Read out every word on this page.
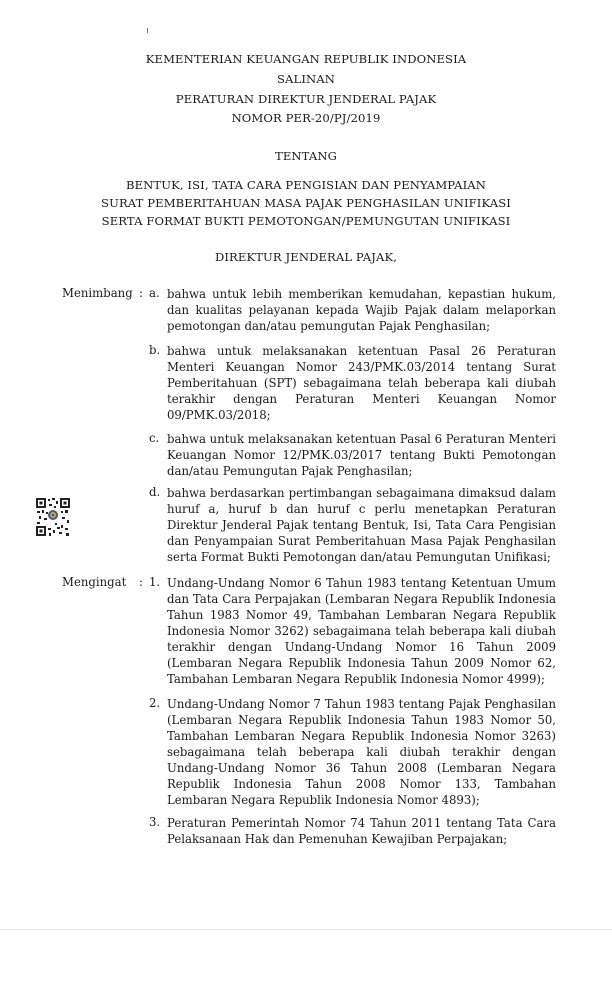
KEMENTERIAN KEUANGAN REPUBLIK INDONESIA
SALINAN
PERATURAN DIREKTUR JENDERAL PAJAK
NOMOR PER-20/PJ/2019
TENTANG
BENTUK, ISI, TATA CARA PENGISIAN DAN PENYAMPAIAN
SURAT PEMBERITAHUAN MASA PAJAK PENGHASILAN UNIFIKASI
SERTA FORMAT BUKTI PEMOTONGAN/PEMUNGUTAN UNIFIKASI
DIREKTUR JENDERAL PAJAK,
Menimbang : a. bahwa untuk lebih memberikan kemudahan, kepastian hukum, dan kualitas pelayanan kepada Wajib Pajak dalam melaporkan pemotongan dan/atau pemungutan Pajak Penghasilan;

b. bahwa untuk melaksanakan ketentuan Pasal 26 Peraturan Menteri Keuangan Nomor 243/PMK.03/2014 tentang Surat Pemberitahuan (SPT) sebagaimana telah beberapa kali diubah terakhir dengan Peraturan Menteri Keuangan Nomor 09/PMK.03/2018;

c. bahwa untuk melaksanakan ketentuan Pasal 6 Peraturan Menteri Keuangan Nomor 12/PMK.03/2017 tentang Bukti Pemotongan dan/atau Pemungutan Pajak Penghasilan;

d. bahwa berdasarkan pertimbangan sebagaimana dimaksud dalam huruf a, huruf b dan huruf c perlu menetapkan Peraturan Direktur Jenderal Pajak tentang Bentuk, Isi, Tata Cara Pengisian dan Penyampaian Surat Pemberitahuan Masa Pajak Penghasilan serta Format Bukti Pemotongan dan/atau Pemungutan Unifikasi;

Mengingat : 1. Undang-Undang Nomor 6 Tahun 1983 tentang Ketentuan Umum dan Tata Cara Perpajakan (Lembaran Negara Republik Indonesia Tahun 1983 Nomor 49, Tambahan Lembaran Negara Republik Indonesia Nomor 3262) sebagaimana telah beberapa kali diubah terakhir dengan Undang-Undang Nomor 16 Tahun 2009 (Lembaran Negara Republik Indonesia Tahun 2009 Nomor 62, Tambahan Lembaran Negara Republik Indonesia Nomor 4999);

2. Undang-Undang Nomor 7 Tahun 1983 tentang Pajak Penghasilan (Lembaran Negara Republik Indonesia Tahun 1983 Nomor 50, Tambahan Lembaran Negara Republik Indonesia Nomor 3263) sebagaimana telah beberapa kali diubah terakhir dengan Undang-Undang Nomor 36 Tahun 2008 (Lembaran Negara Republik Indonesia Tahun 2008 Nomor 133, Tambahan Lembaran Negara Republik Indonesia Nomor 4893);

3. Peraturan Pemerintah Nomor 74 Tahun 2011 tentang Tata Cara Pelaksanaan Hak dan Pemenuhan Kewajiban Perpajakan;
